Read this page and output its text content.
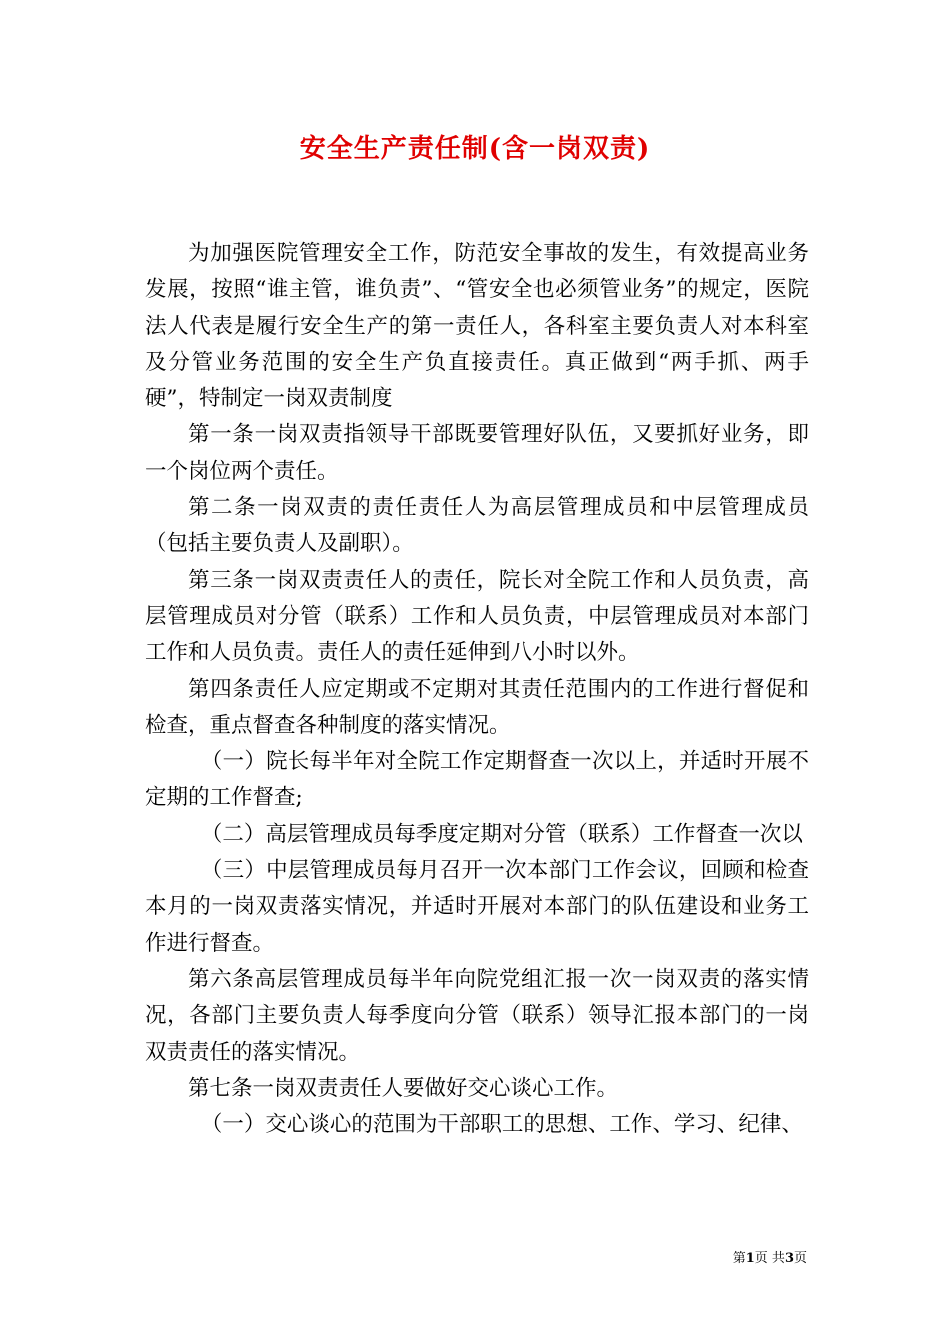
安全生产责任制(含一岗双责)

为加强医院管理安全工作，防范安全事故的发生，有效提高业务发展，按照“谁主管，谁负责”、“管安全也必须管业务”的规定，医院法人代表是履行安全生产的第一责任人，各科室主要负责人对本科室及分管业务范围的安全生产负直接责任。真正做到“两手抓、两手硬”，特制定一岗双责制度

第一条一岗双责指领导干部既要管理好队伍，又要抓好业务，即一个岗位两个责任。

第二条一岗双责的责任责任人为高层管理成员和中层管理成员（包括主要负责人及副职）。

第三条一岗双责责任人的责任，院长对全院工作和人员负责，高层管理成员对分管（联系）工作和人员负责，中层管理成员对本部门工作和人员负责。责任人的责任延伸到八小时以外。

第四条责任人应定期或不定期对其责任范围内的工作进行督促和检查，重点督查各种制度的落实情况。

（一）院长每半年对全院工作定期督查一次以上，并适时开展不定期的工作督查;

（二）高层管理成员每季度定期对分管（联系）工作督查一次以

（三）中层管理成员每月召开一次本部门工作会议，回顾和检查本月的一岗双责落实情况，并适时开展对本部门的队伍建设和业务工作进行督查。

第六条高层管理成员每半年向院党组汇报一次一岗双责的落实情况，各部门主要负责人每季度向分管（联系）领导汇报本部门的一岗双责责任的落实情况。

第七条一岗双责责任人要做好交心谈心工作。

（一）交心谈心的范围为干部职工的思想、工作、学习、纪律、

第1页 共3页
